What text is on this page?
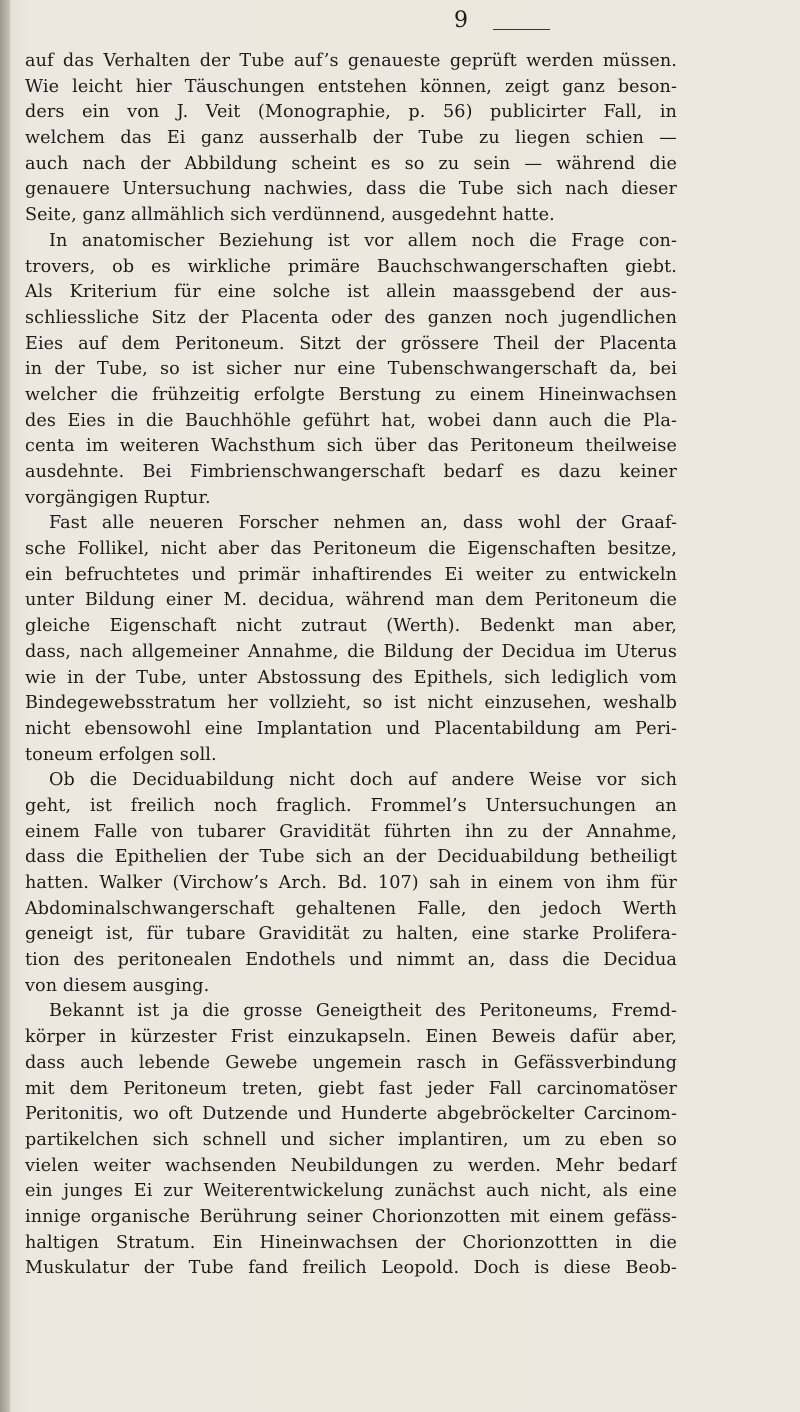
9

auf das Verhalten der Tube auf’s genaueste geprüft werden müssen.
Wie leicht hier Täuschungen entstehen können, zeigt ganz beson-
ders ein von J. Veit (Monographie, p. 56) publicirter Fall, in
welchem das Ei ganz ausserhalb der Tube zu liegen schien —
auch nach der Abbildung scheint es so zu sein — während die
genauere Untersuchung nachwies, dass die Tube sich nach dieser
Seite, ganz allmählich sich verdünnend, ausgedehnt hatte.
In anatomischer Beziehung ist vor allem noch die Frage con-
trovers, ob es wirkliche primäre Bauchschwangerschaften giebt.
Als Kriterium für eine solche ist allein maassgebend der aus-
schliessliche Sitz der Placenta oder des ganzen noch jugendlichen
Eies auf dem Peritoneum. Sitzt der grössere Theil der Placenta
in der Tube, so ist sicher nur eine Tubenschwangerschaft da, bei
welcher die frühzeitig erfolgte Berstung zu einem Hineinwachsen
des Eies in die Bauchhöhle geführt hat, wobei dann auch die Pla-
centa im weiteren Wachsthum sich über das Peritoneum theilweise
ausdehnte. Bei Fimbrienschwangerschaft bedarf es dazu keiner
vorgängigen Ruptur.
Fast alle neueren Forscher nehmen an, dass wohl der Graaf-
sche Follikel, nicht aber das Peritoneum die Eigenschaften besitze,
ein befruchtetes und primär inhaftirendes Ei weiter zu entwickeln
unter Bildung einer M. decidua, während man dem Peritoneum die
gleiche Eigenschaft nicht zutraut (Werth). Bedenkt man aber,
dass, nach allgemeiner Annahme, die Bildung der Decidua im Uterus
wie in der Tube, unter Abstossung des Epithels, sich lediglich vom
Bindegewebsstratum her vollzieht, so ist nicht einzusehen, weshalb
nicht ebensowohl eine Implantation und Placentabildung am Peri-
toneum erfolgen soll.
Ob die Deciduabildung nicht doch auf andere Weise vor sich
geht, ist freilich noch fraglich. Frommel’s Untersuchungen an
einem Falle von tubarer Gravidität führten ihn zu der Annahme,
dass die Epithelien der Tube sich an der Deciduabildung betheiligt
hatten. Walker (Virchow’s Arch. Bd. 107) sah in einem von ihm für
Abdominalschwangerschaft gehaltenen Falle, den jedoch Werth
geneigt ist, für tubare Gravidität zu halten, eine starke Prolifera-
tion des peritonealen Endothels und nimmt an, dass die Decidua
von diesem ausging.
Bekannt ist ja die grosse Geneigtheit des Peritoneums, Fremd-
körper in kürzester Frist einzukapseln. Einen Beweis dafür aber,
dass auch lebende Gewebe ungemein rasch in Gefässverbindung
mit dem Peritoneum treten, giebt fast jeder Fall carcinomatöser
Peritonitis, wo oft Dutzende und Hunderte abgebröckelter Carcinom-
partikelchen sich schnell und sicher implantiren, um zu eben so
vielen weiter wachsenden Neubildungen zu werden. Mehr bedarf
ein junges Ei zur Weiterentwickelung zunächst auch nicht, als eine
innige organische Berührung seiner Chorionzotten mit einem gefäss-
haltigen Stratum. Ein Hineinwachsen der Chorionzottten in die
Muskulatur der Tube fand freilich Leopold. Doch is diese Beob-
